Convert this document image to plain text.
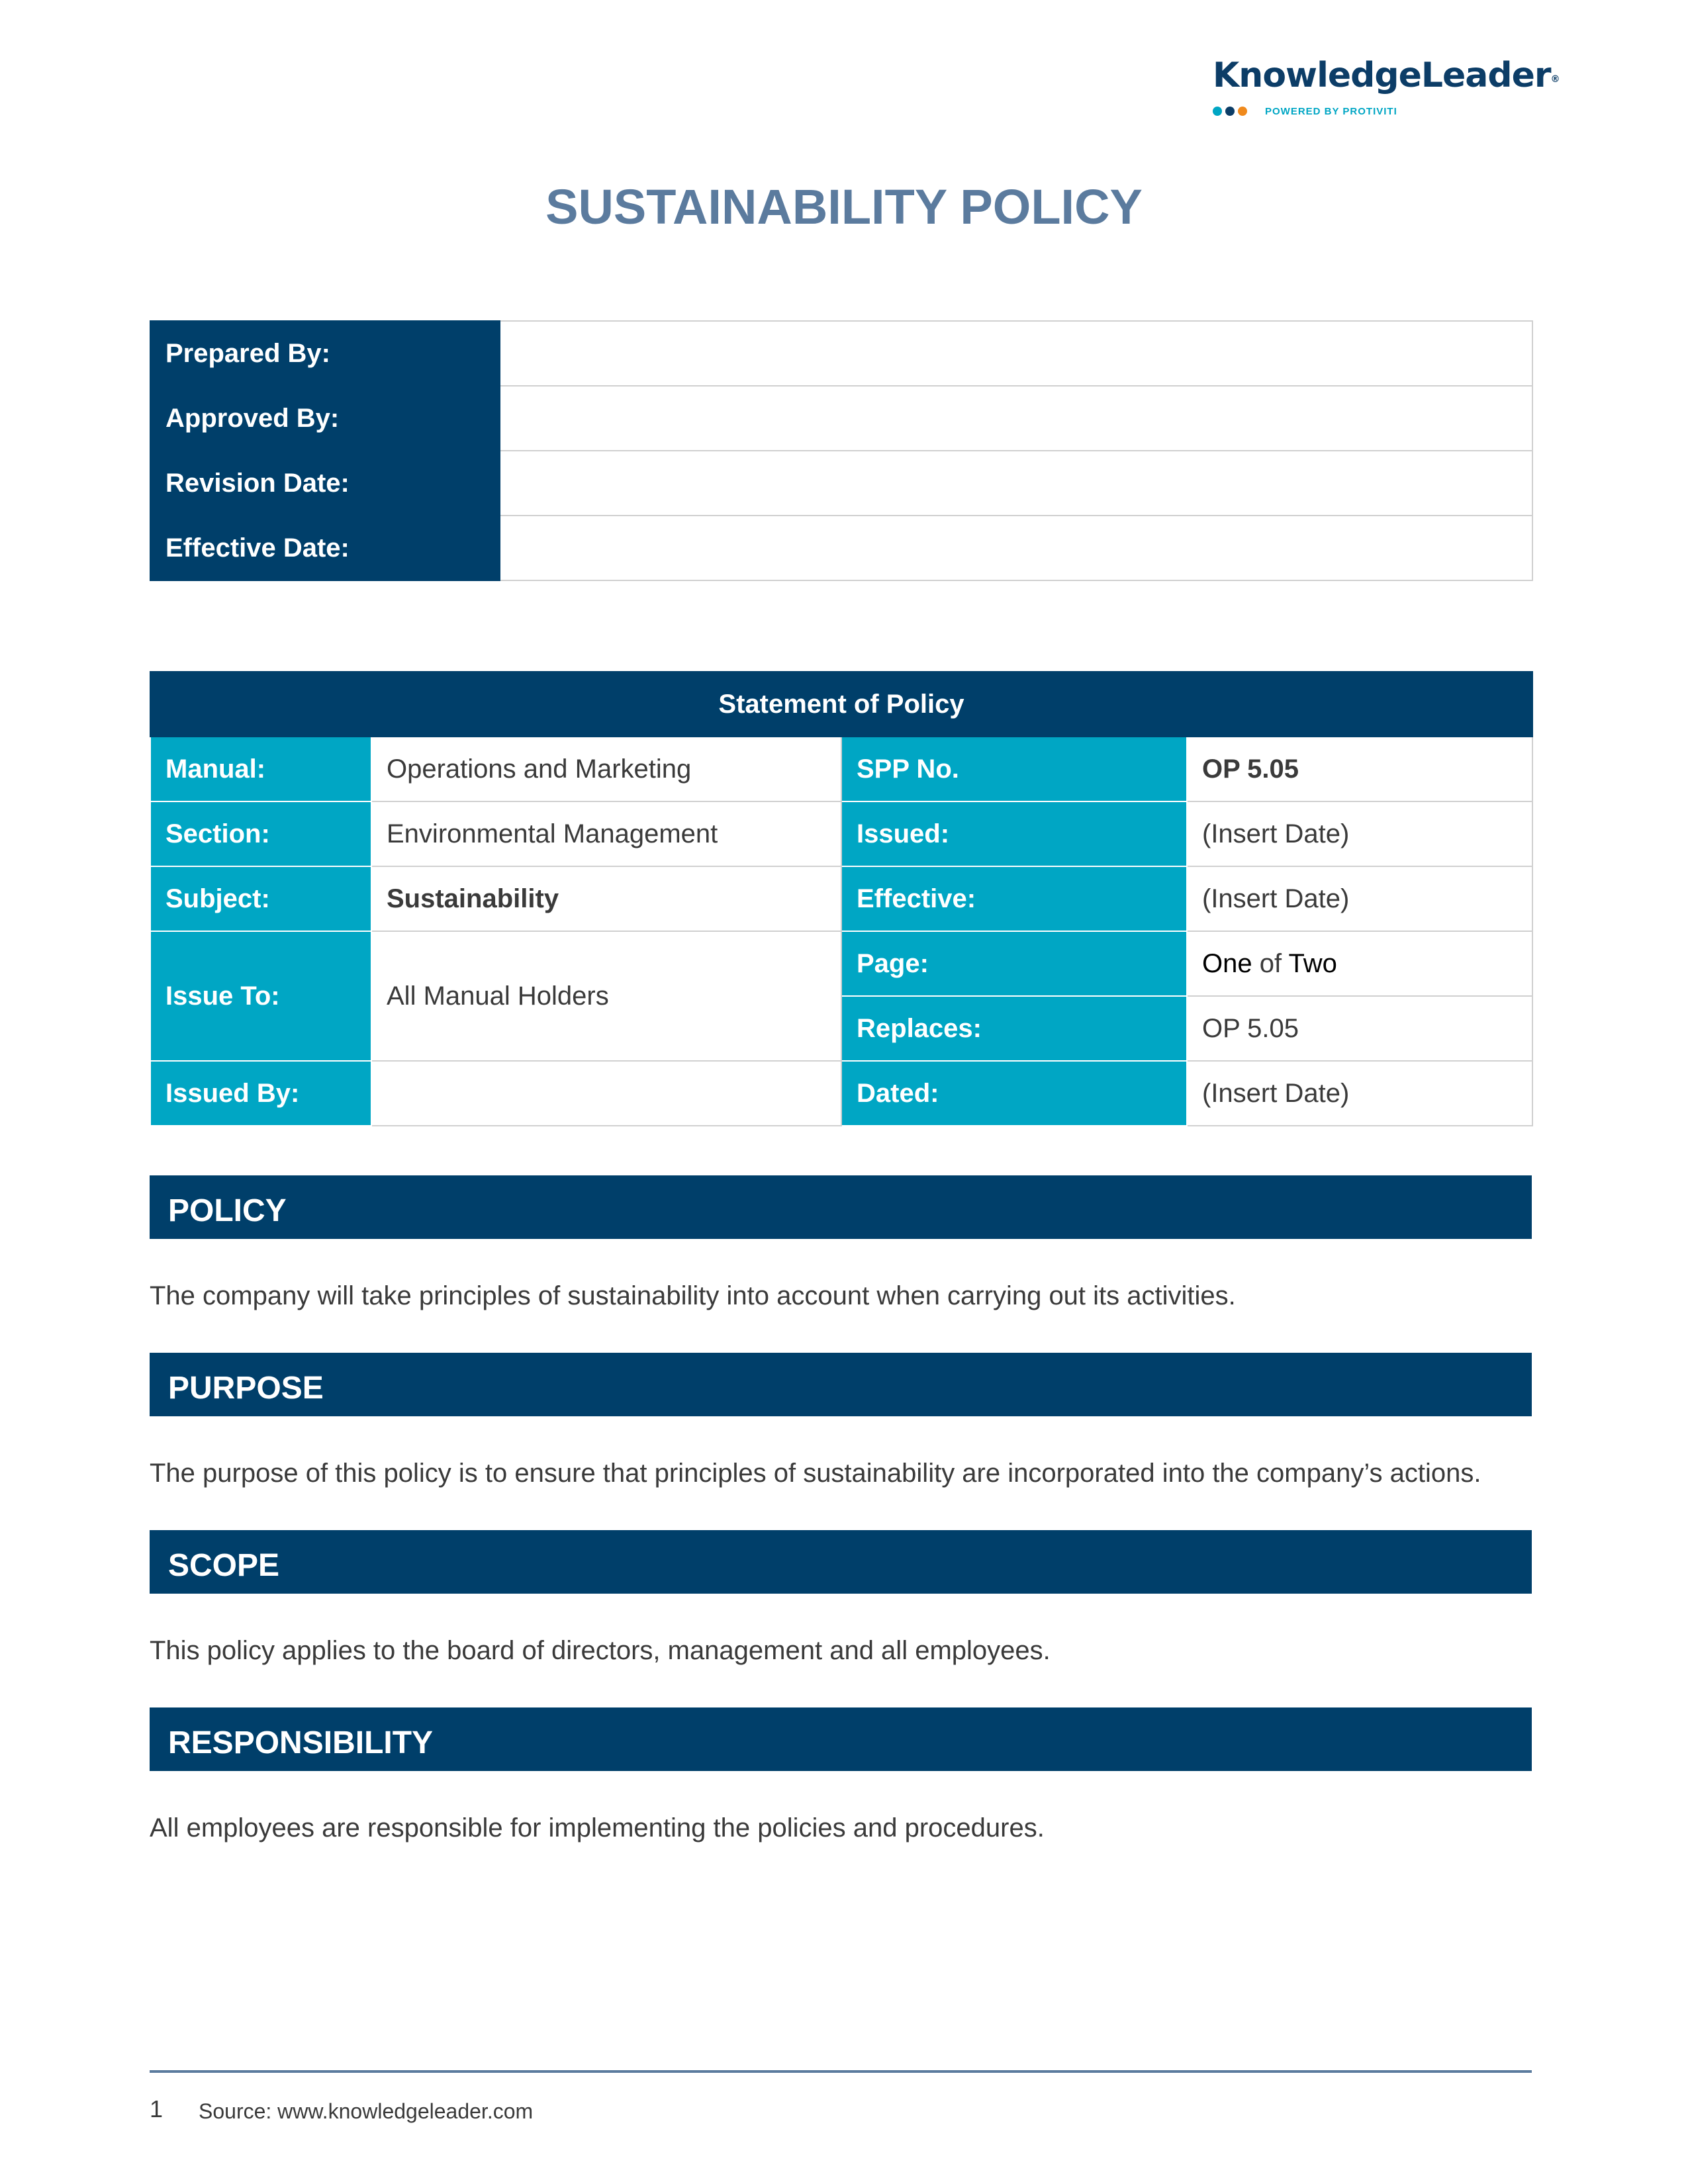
KnowledgeLeader®
POWERED BY PROTIVITI
SUSTAINABILITY POLICY
Prepared By:	
Approved By:	
Revision Date:	
Effective Date:	
Statement of Policy			
Manual:	Operations and Marketing	SPP No.	OP 5.05
Section:	Environmental Management	Issued:	(Insert Date)
Subject:	Sustainability	Effective:	(Insert Date)
Issue To:	All Manual Holders	Page:	One of Two
		Replaces:	OP 5.05
Issued By:		Dated:	(Insert Date)
POLICY
The company will take principles of sustainability into account when carrying out its activities.
PURPOSE
The purpose of this policy is to ensure that principles of sustainability are incorporated into the company’s actions.
SCOPE
This policy applies to the board of directors, management and all employees.
RESPONSIBILITY
All employees are responsible for implementing the policies and procedures.
1 Source: www.knowledgeleader.com
